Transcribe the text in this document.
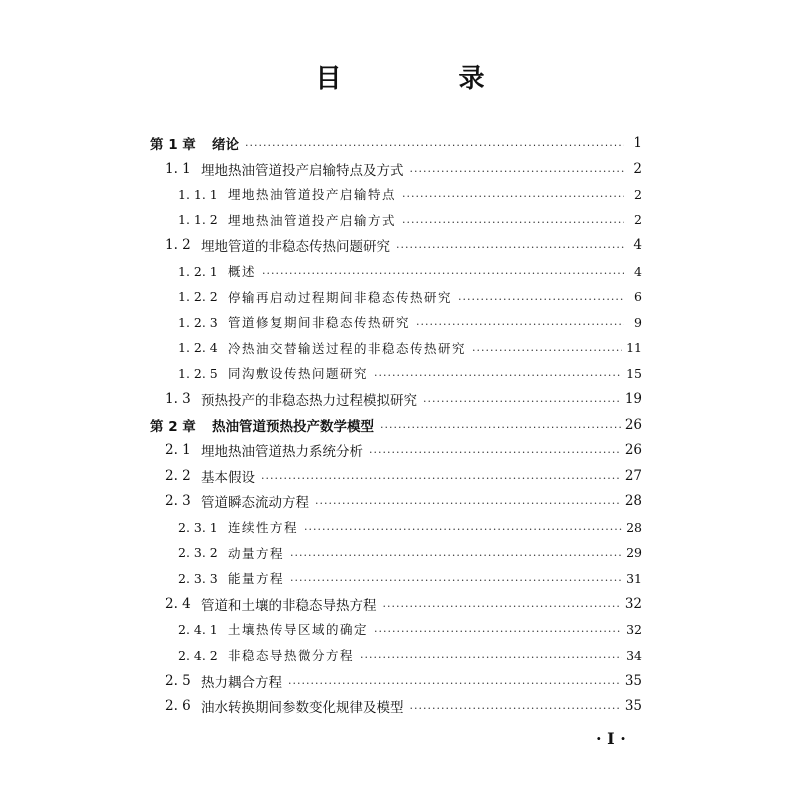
目 录
第 1 章	绪论 ·····	1
1. 1 埋地热油管道投产启输特点及方式 ·····	2
1. 1. 1 埋地热油管道投产启输特点 ·····	2
1. 1. 2 埋地热油管道投产启输方式 ·····	2
1. 2 埋地管道的非稳态传热问题研究 ·····	4
1. 2. 1 概述 ·····	4
1. 2. 2 停输再启动过程期间非稳态传热研究 ·····	6
1. 2. 3 管道修复期间非稳态传热研究 ·····	9
1. 2. 4 冷热油交替输送过程的非稳态传热研究 ·····	11
1. 2. 5 同沟敷设传热问题研究 ·····	15
1. 3 预热投产的非稳态热力过程模拟研究 ·····	19
第 2 章	热油管道预热投产数学模型 ·····	26
2. 1 埋地热油管道热力系统分析 ·····	26
2. 2 基本假设 ·····	27
2. 3 管道瞬态流动方程 ·····	28
2. 3. 1 连续性方程 ·····	28
2. 3. 2 动量方程 ·····	29
2. 3. 3 能量方程 ·····	31
2. 4 管道和土壤的非稳态导热方程 ·····	32
2. 4. 1 土壤热传导区域的确定 ·····	32
2. 4. 2 非稳态导热微分方程 ·····	34
2. 5 热力耦合方程 ·····	35
2. 6 油水转换期间参数变化规律及模型 ·····	35
· Ⅰ ·
